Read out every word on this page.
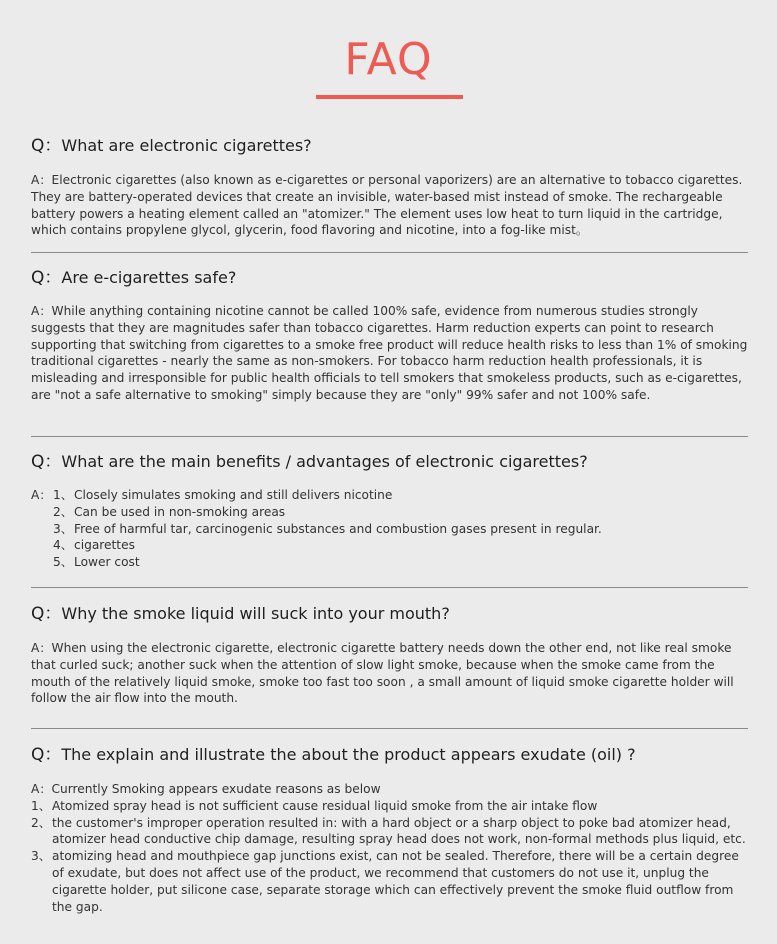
FAQ
Q：What are electronic cigarettes?
A：Electronic cigarettes (also known as e-cigarettes or personal vaporizers) are an alternative to tobacco cigarettes. They are battery-operated devices that create an invisible, water-based mist instead of smoke. The rechargeable battery powers a heating element called an "atomizer." The element uses low heat to turn liquid in the cartridge, which contains propylene glycol, glycerin, food flavoring and nicotine, into a fog-like mist。
Q：Are e-cigarettes safe?
A：While anything containing nicotine cannot be called 100% safe, evidence from numerous studies strongly suggests that they are magnitudes safer than tobacco cigarettes. Harm reduction experts can point to research supporting that switching from cigarettes to a smoke free product will reduce health risks to less than 1% of smoking traditional cigarettes - nearly the same as non-smokers. For tobacco harm reduction health professionals, it is misleading and irresponsible for public health officials to tell smokers that smokeless products, such as e-cigarettes, are "not a safe alternative to smoking" simply because they are "only" 99% safer and not 100% safe.
Q：What are the main benefits / advantages of electronic cigarettes?
A： 1、 Closely simulates smoking and still delivers nicotine
2、 Can be used in non-smoking areas
3、 Free of harmful tar, carcinogenic substances and combustion gases present in regular.
4、 cigarettes
5、 Lower cost
Q：Why the smoke liquid will suck into your mouth?
A：When using the electronic cigarette, electronic cigarette battery needs down the other end, not like real smoke that curled suck; another suck when the attention of slow light smoke, because when the smoke came from the mouth of the relatively liquid smoke, smoke too fast too soon , a small amount of liquid smoke cigarette holder will follow the air flow into the mouth.
Q：The explain and illustrate the about the product appears exudate (oil) ?
A：Currently Smoking appears exudate reasons as below
1、 Atomized spray head is not sufficient cause residual liquid smoke from the air intake flow
2、 the customer's improper operation resulted in: with a hard object or a sharp object to poke bad atomizer head, atomizer head conductive chip damage, resulting spray head does not work, non-formal methods plus liquid, etc.
3、 atomizing head and mouthpiece gap junctions exist, can not be sealed. Therefore, there will be a certain degree of exudate, but does not affect use of the product, we recommend that customers do not use it, unplug the cigarette holder, put silicone case, separate storage which can effectively prevent the smoke fluid outflow from the gap.
